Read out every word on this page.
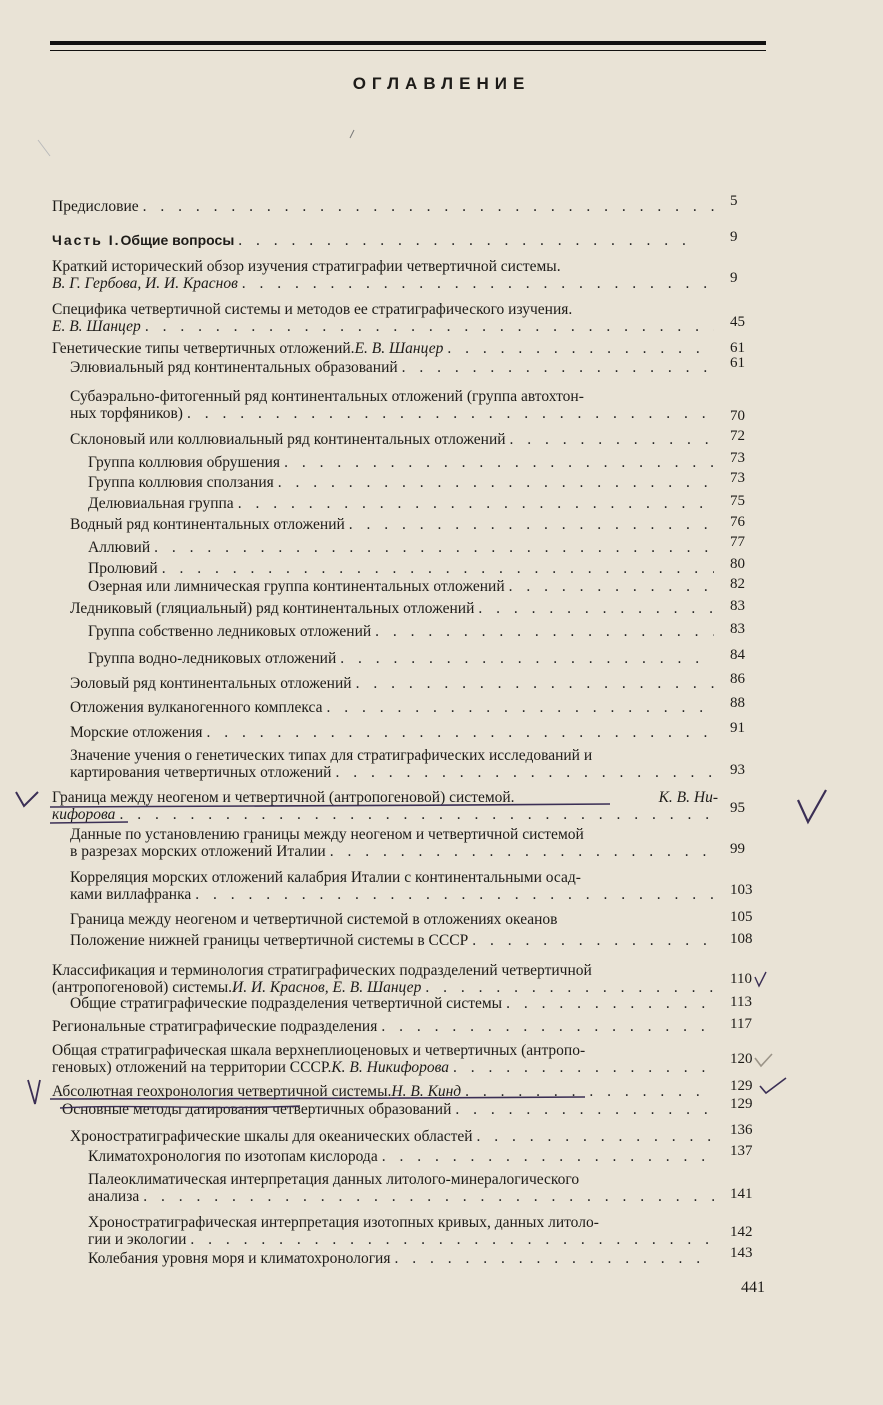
ОГЛАВЛЕНИЕ
Предисловие . . .	5
Часть I. Общие вопросы . . .	9
Краткий исторический обзор изучения стратиграфии четвертичной системы.
В. Г. Гербова, И. И. Краснов . . .	9
Специфика четвертичной системы и методов ее стратиграфического изучения.
Е. В. Шанцер . . .	45
Генетические типы четвертичных отложений. Е. В. Шанцер . . .	61
Элювиальный ряд континентальных образований . . .	61
Субаэрально-фитогенный ряд континентальных отложений (группа автохтон-
ных торфяников) . . .	70
Склоновый или коллювиальный ряд континентальных отложений . . .	72
Группа коллювия обрушения . . .	73
Группа коллювия сползания . . .	73
Делювиальная группа . . .	75
Водный ряд континентальных отложений . . .	76
Аллювий . . .	77
Пролювий . . .	80
Озерная или лимническая группа континентальных отложений . . .	82
Ледниковый (гляциальный) ряд континентальных отложений . . .	83
Группа собственно ледниковых отложений . . .	83
Группа водно-ледниковых отложений . . .	84
Эоловый ряд континентальных отложений . . .	86
Отложения вулканогенного комплекса . . .	88
Морские отложения . . .	91
Значение учения о генетических типах для стратиграфических исследований и
картирования четвертичных отложений . . .	93
Граница между неогеном и четвертичной (антропогеновой) системой.	К. В. Ни-
кифорова . . .	95
Данные по установлению границы между неогеном и четвертичной системой
в разрезах морских отложений Италии . . .	99
Корреляция морских отложений калабрия Италии с континентальными осад-
ками виллафранка . . .	103
Граница между неогеном и четвертичной системой в отложениях океанов	105
Положение нижней границы четвертичной системы в СССР . . .	108
Классификация и терминология стратиграфических подразделений четвертичной
(антропогеновой) системы. И. И. Краснов, Е. В. Шанцер . . .	110
Общие стратиграфические подразделения четвертичной системы . . .	113
Региональные стратиграфические подразделения . . .	117
Общая стратиграфическая шкала верхнеплиоценовых и четвертичных (антропо-
геновых) отложений на территории СССР. К. В. Никифорова . . .	120
Абсолютная геохронология четвертичной системы. Н. В. Кинд . . .	129
Основные методы датирования четвертичных образований . . .	129
Хроностратиграфические шкалы для океанических областей . . .	136
Климатохронология по изотопам кислорода . . .	137
Палеоклиматическая интерпретация данных литолого-минералогического
анализа . . .	141
Хроностратиграфическая интерпретация изотопных кривых, данных литоло-
гии и экологии . . .	142
Колебания уровня моря и климатохронология . . .	143
441
